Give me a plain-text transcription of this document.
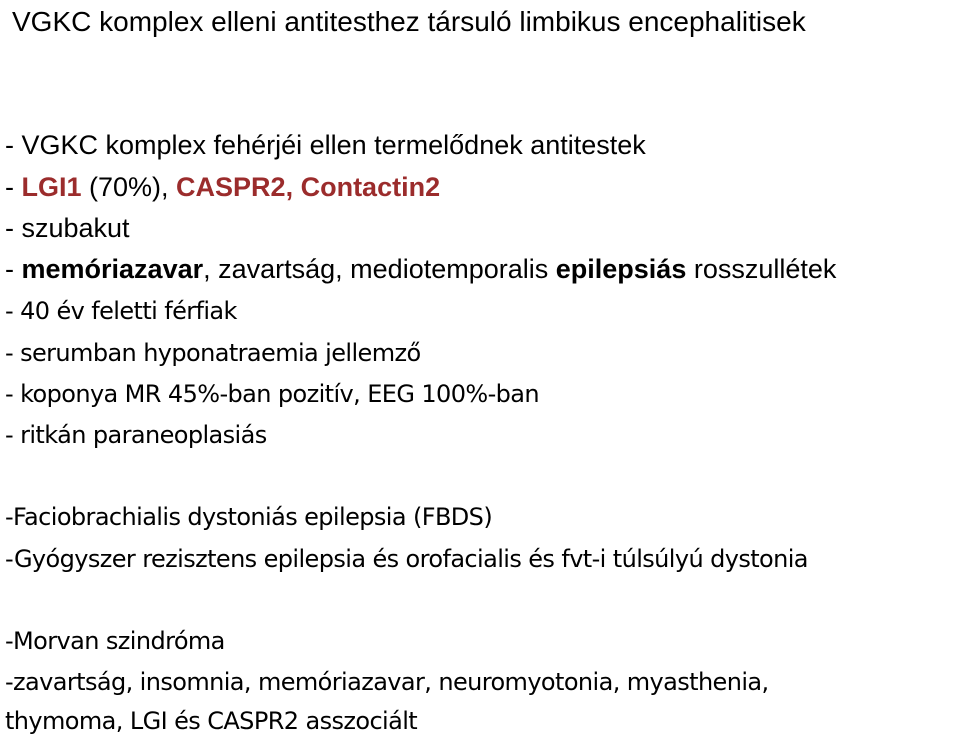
VGKC komplex elleni antitesthez társuló limbikus encephalitisek
- VGKC komplex fehérjéi ellen termelődnek antitestek
- LGI1 (70%), CASPR2, Contactin2
- szubakut
- memóriazavar, zavartság, mediotemporalis epilepsiás rosszullétek
- 40 év feletti férfiak
- serumban hyponatraemia jellemző
- koponya MR 45%-ban pozitív, EEG 100%-ban
- ritkán paraneoplasiás
-Faciobrachialis dystoniás epilepsia (FBDS)
-Gyógyszer rezisztens epilepsia és orofacialis és fvt-i túlsúlyú dystonia
-Morvan szindróma
-zavartság, insomnia, memóriazavar, neuromyotonia, myasthenia,
thymoma, LGI és CASPR2 asszociált
